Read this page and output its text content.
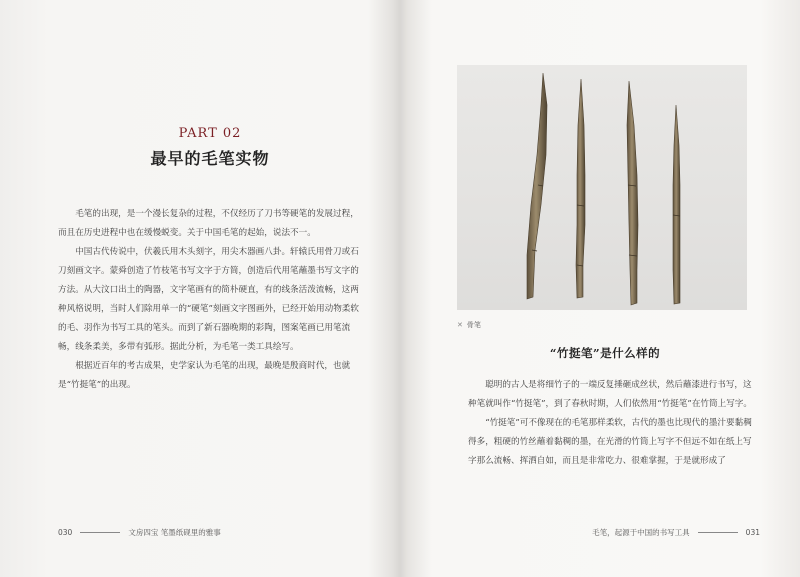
PART 02
最早的毛笔实物

毛笔的出现，是一个漫长复杂的过程，不仅经历了刀书等硬笔的发展过程，而且在历史进程中也在缓慢蜕变。关于中国毛笔的起始，说法不一。

中国古代传说中，伏羲氏用木头刻字，用尖木器画八卦。轩辕氏用骨刀或石刀刻画文字。蒙舜创造了竹枝笔书写文字于方简，创造后代用笔蘸墨书写文字的方法。从大汶口出土的陶器，文字笔画有的简朴硬直，有的线条活泼流畅，这两种风格说明，当时人们除用单一的“硬笔”刻画文字图画外，已经开始用动物柔软的毛、羽作为书写工具的笔头。而到了新石器晚期的彩陶，图案笔画已用笔流畅，线条柔美，多带有弧形。据此分析，为毛笔一类工具绘写。

根据近百年的考古成果，史学家认为毛笔的出现，最晚是殷商时代，也就是“竹挺笔”的出现。

030	文房四宝 笔墨纸砚里的雅事
✕ 骨笔
“竹挺笔”是什么样的

聪明的古人是将细竹子的一端反复捶砸成丝状，然后蘸漆进行书写，这种笔就叫作“竹挺笔”，到了春秋时期，人们依然用“竹挺笔”在竹筒上写字。

“竹挺笔”可不像现在的毛笔那样柔软，古代的墨也比现代的墨汁要黏稠得多，粗硬的竹丝蘸着黏稠的墨，在光滑的竹筒上写字不但远不如在纸上写字那么流畅、挥洒自如，而且是非常吃力、很难掌握，于是就形成了

毛笔，起源于中国的书写工具	031
